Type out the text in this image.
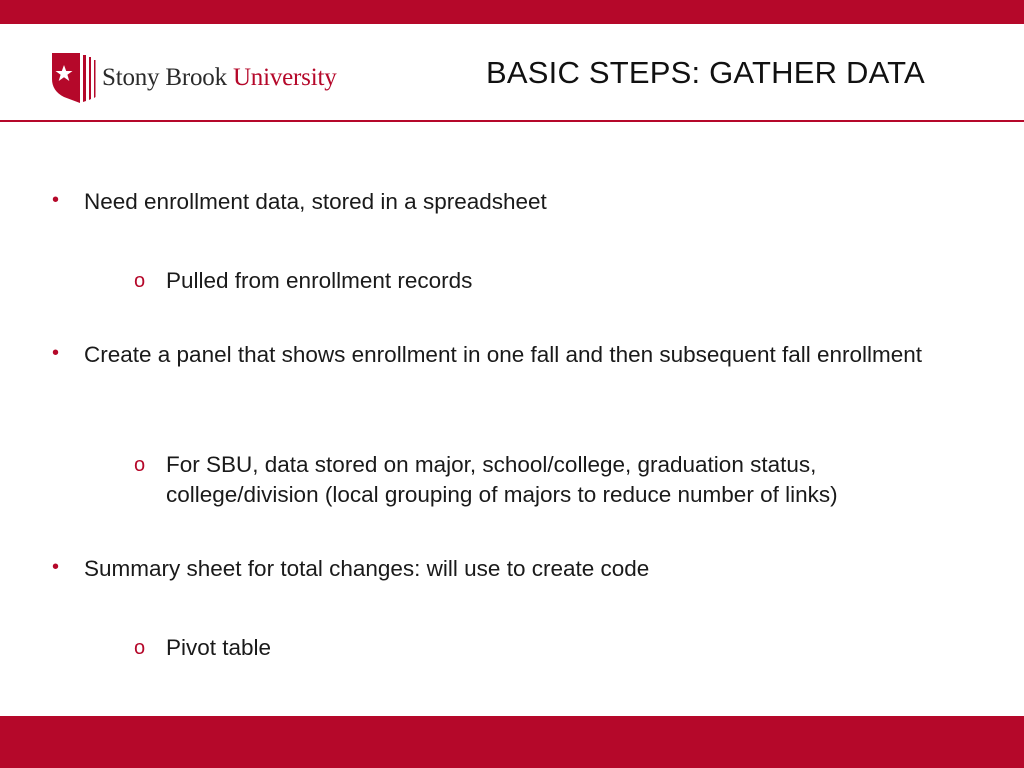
Stony Brook University	BASIC STEPS: GATHER DATA
• Need enrollment data, stored in a spreadsheet
o Pulled from enrollment records
• Create a panel that shows enrollment in one fall and then subsequent fall enrollment
o For SBU, data stored on major, school/college, graduation status, college/division (local grouping of majors to reduce number of links)
• Summary sheet for total changes: will use to create code
o Pivot table
